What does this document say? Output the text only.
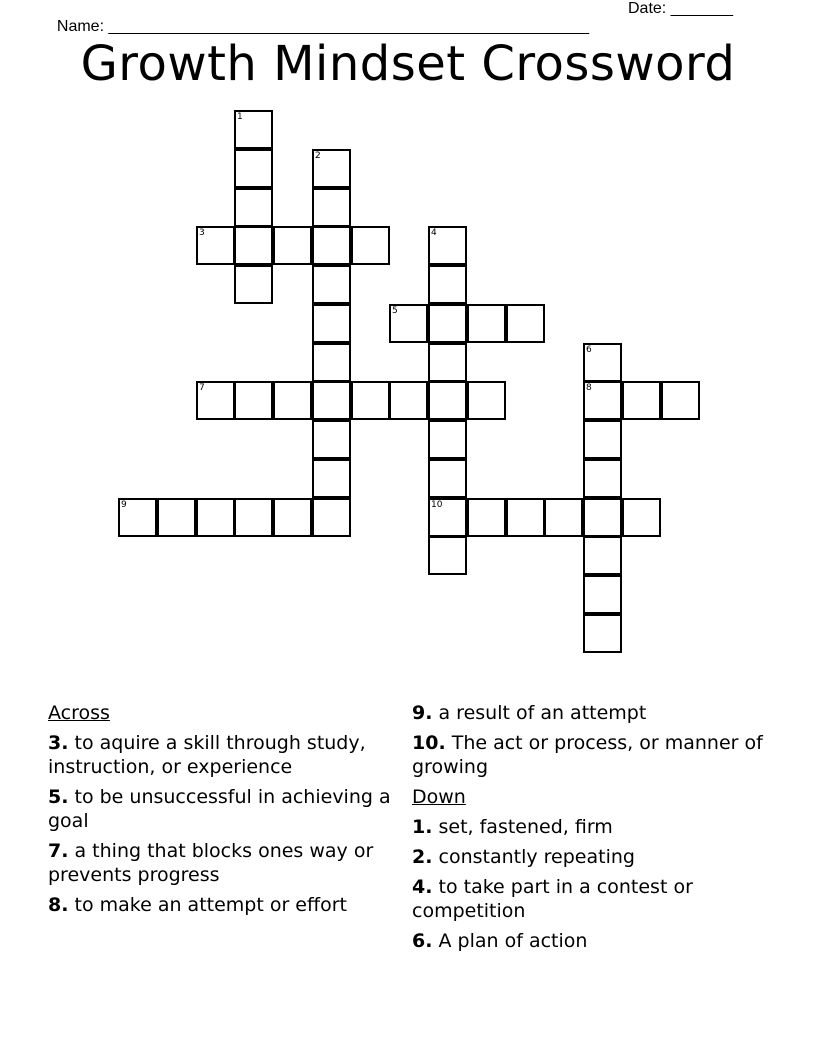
Name: ______________________________________________________

Date: _______

Growth Mindset Crossword
1
2
3	4
5
6
7	8
9	10
Across
3. to aquire a skill through study, instruction, or experience
5. to be unsuccessful in achieving a goal
7. a thing that blocks ones way or prevents progress
8. to make an attempt or effort
9. a result of an attempt
10. The act or process, or manner of growing
Down
1. set, fastened, firm
2. constantly repeating
4. to take part in a contest or competition
6. A plan of action
